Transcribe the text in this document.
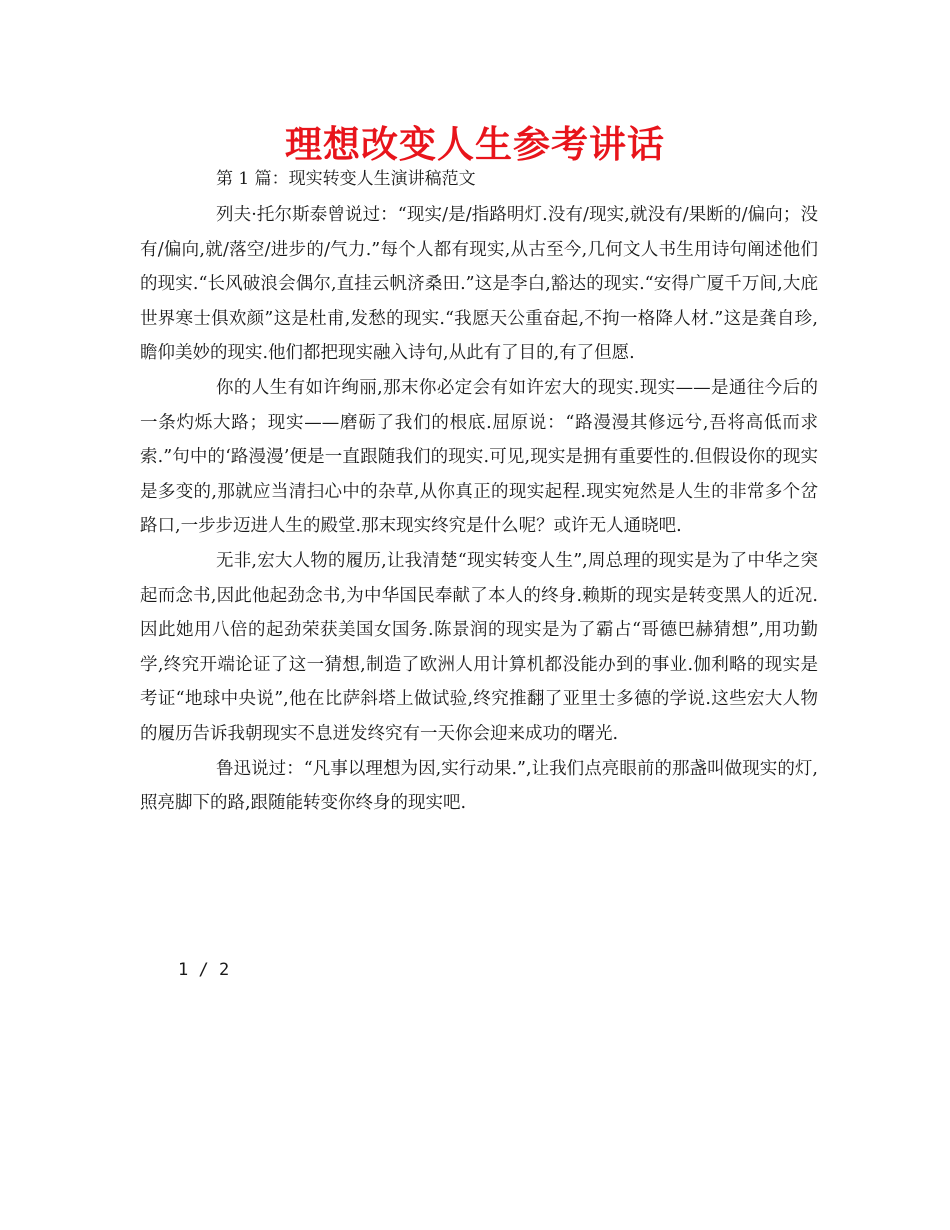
理想改变人生参考讲话
第 1 篇：现实转变人生演讲稿范文

列夫·托尔斯泰曾说过：“现实/是/指路明灯.没有/现实,就没有/果断的/偏向；没有/偏向,就/落空/进步的/气力.”每个人都有现实,从古至今,几何文人书生用诗句阐述他们的现实.“长风破浪会偶尔,直挂云帆济桑田.”这是李白,豁达的现实.“安得广厦千万间,大庇世界寒士俱欢颜”这是杜甫,发愁的现实.“我愿天公重奋起,不拘一格降人材.”这是龚自珍,瞻仰美妙的现实.他们都把现实融入诗句,从此有了目的,有了但愿.

你的人生有如许绚丽,那末你必定会有如许宏大的现实.现实——是通往今后的一条灼烁大路；现实——磨砺了我们的根底.屈原说：“路漫漫其修远兮,吾将高低而求索.”句中的‘路漫漫’便是一直跟随我们的现实.可见,现实是拥有重要性的.但假设你的现实是多变的,那就应当清扫心中的杂草,从你真正的现实起程.现实宛然是人生的非常多个岔路口,一步步迈进人生的殿堂.那末现实终究是什么呢？或许无人通晓吧.

无非,宏大人物的履历,让我清楚“现实转变人生”,周总理的现实是为了中华之突起而念书,因此他起劲念书,为中华国民奉献了本人的终身.赖斯的现实是转变黑人的近况.因此她用八倍的起劲荣获美国女国务.陈景润的现实是为了霸占“哥德巴赫猜想”,用功勤学,终究开端论证了这一猜想,制造了欧洲人用计算机都没能办到的事业.伽利略的现实是考证“地球中央说”,他在比萨斜塔上做试验,终究推翻了亚里士多德的学说.这些宏大人物的履历告诉我朝现实不息迸发终究有一天你会迎来成功的曙光.

鲁迅说过：“凡事以理想为因,实行动果.”,让我们点亮眼前的那盏叫做现实的灯,照亮脚下的路,跟随能转变你终身的现实吧.

1 / 2
